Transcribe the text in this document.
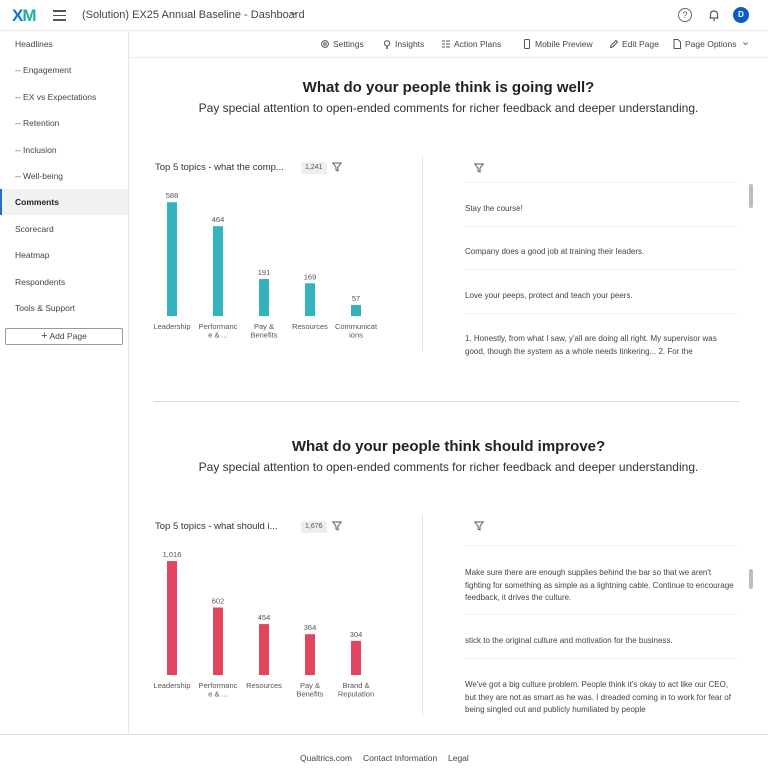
XM	(Solution) EX25 Annual Baseline - Dashboard	?	D
Headlines
-- Engagement
-- EX vs Expectations
-- Retention
-- Inclusion
-- Well-being
Comments
Scorecard
Heatmap
Respondents
Tools & Support
+ Add Page
Settings	Insights	Action Plans	Mobile Preview	Edit Page	Page Options
What do your people think is going well?
Pay special attention to open-ended comments for richer feedback and deeper understanding.
Top 5 topics - what the comp...	1,241
588
Leadership
464
Performanc e & ...
191
Pay & Benefits
169
Resources
57
Communicat ions
Stay the course!
Company does a good job at training their leaders.
Love your peeps, protect and teach your peers.
1. Honestly, from what I saw, y'all are doing all right. My supervisor was good, though the system as a whole needs tinkering... 2. For the
What do your people think should improve?
Pay special attention to open-ended comments for richer feedback and deeper understanding.
Top 5 topics - what should i...	1,676
1,016
Leadership
602
Performanc e & ...
454
Resources
364
Pay & Benefits
304
Brand & Reputation
Make sure there are enough supplies behind the bar so that we aren't fighting for something as simple as a lightning cable. Continue to encourage feedback, it drives the culture.
stick to the original culture and motivation for the business.
We've got a big culture problem. People think it's okay to act like our CEO, but they are not as smart as he was. I dreaded coming in to work for fear of being singled out and publicly humiliated by people
Qualtrics.com Contact Information Legal
